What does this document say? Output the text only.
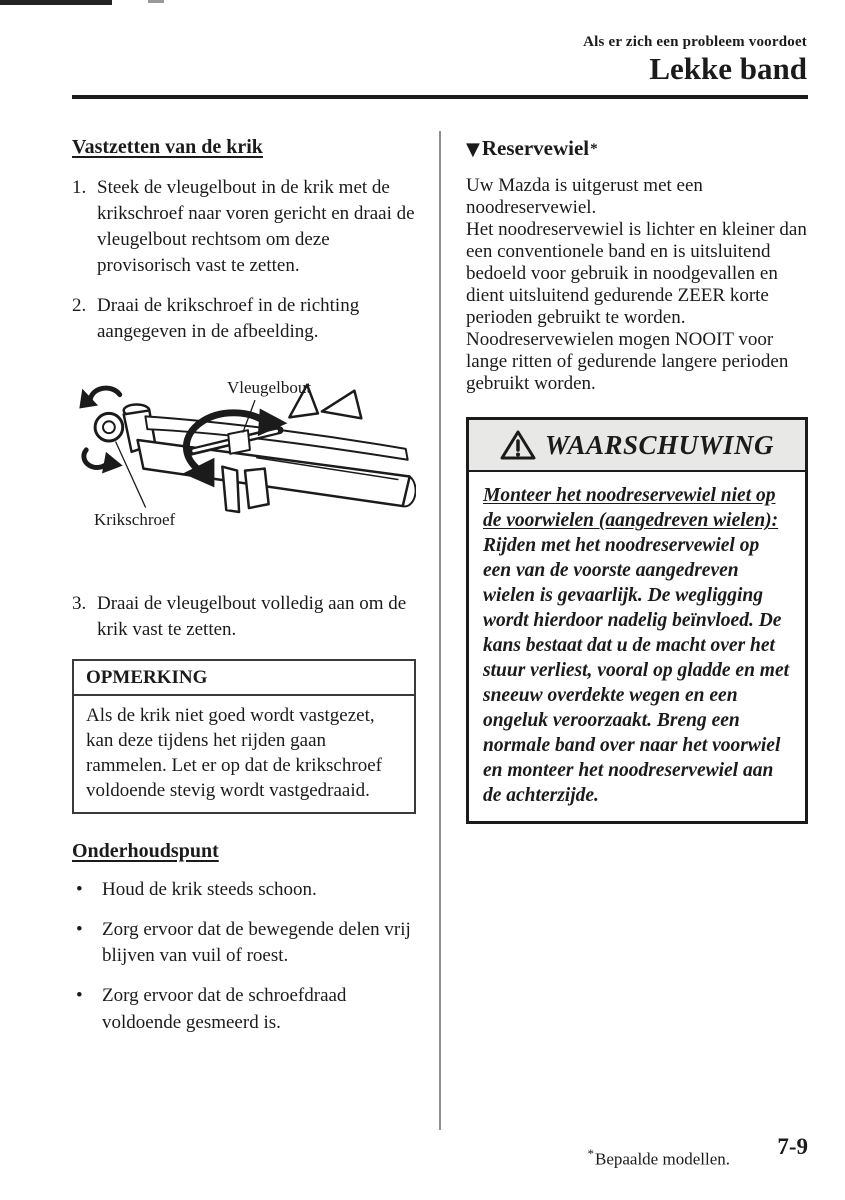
Als er zich een probleem voordoet
Lekke band
Vastzetten van de krik
1. Steek de vleugelbout in de krik met de krikschroef naar voren gericht en draai de vleugelbout rechtsom om deze provisorisch vast te zetten.
2. Draai de krikschroef in de richting aangegeven in de afbeelding.
Vleugelbout
Krikschroef
3. Draai de vleugelbout volledig aan om de krik vast te zetten.
OPMERKING

Als de krik niet goed wordt vastgezet, kan deze tijdens het rijden gaan rammelen. Let er op dat de krikschroef voldoende stevig wordt vastgedraaid.

Onderhoudspunt
•	Houd de krik steeds schoon.
•	Zorg ervoor dat de bewegende delen vrij blijven van vuil of roest.
•	Zorg ervoor dat de schroefdraad voldoende gesmeerd is.
▼ Reservewiel *

Uw Mazda is uitgerust met een noodreservewiel.

Het noodreservewiel is lichter en kleiner dan een conventionele band en is uitsluitend bedoeld voor gebruik in noodgevallen en dient uitsluitend gedurende ZEER korte perioden gebruikt te worden. Noodreservewielen mogen NOOIT voor lange ritten of gedurende langere perioden gebruikt worden.

WAARSCHUWING

Monteer het noodreservewiel niet op de voorwielen (aangedreven wielen):

Rijden met het noodreservewiel op een van de voorste aangedreven wielen is gevaarlijk. De wegligging wordt hierdoor nadelig beïnvloed. De kans bestaat dat u de macht over het stuur verliest, vooral op gladde en met sneeuw overdekte wegen en een ongeluk veroorzaakt. Breng een normale band over naar het voorwiel en monteer het noodreservewiel aan de achterzijde.

*Bepaalde modellen.
7-9
